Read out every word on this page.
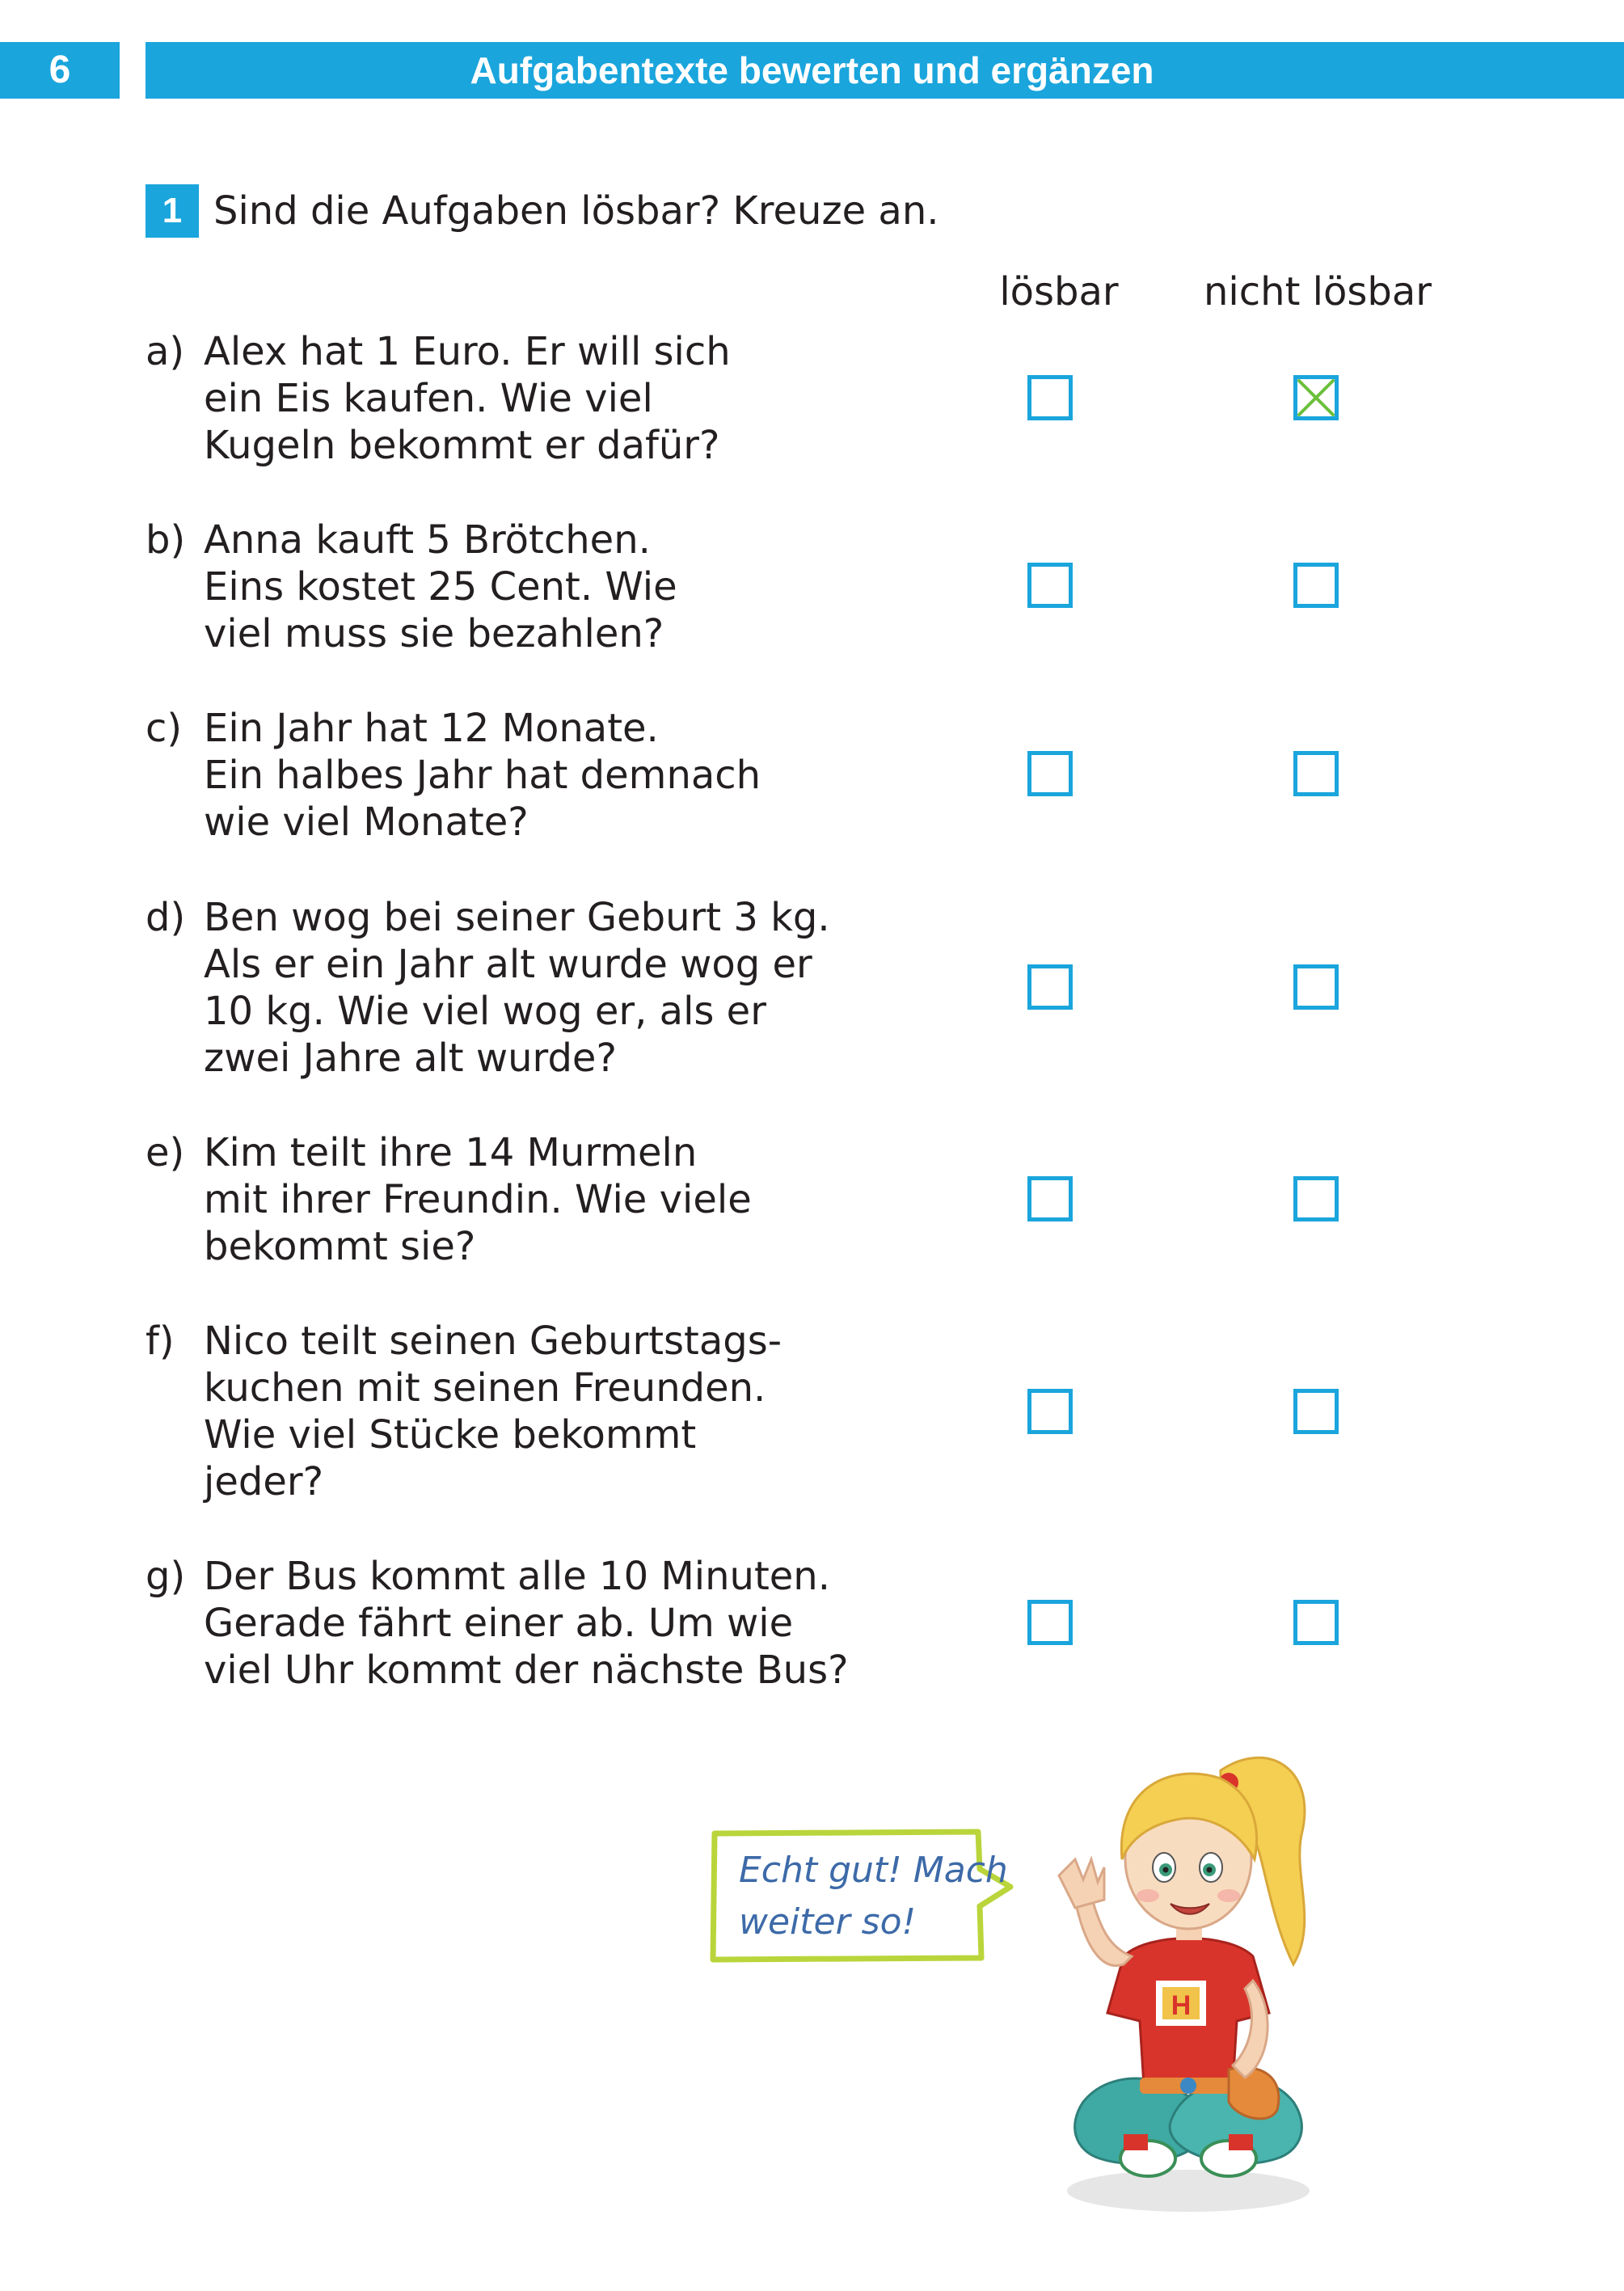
6	Aufgabentexte bewerten und ergänzen
1 Sind die Aufgaben lösbar? Kreuze an.
lösbar	nicht lösbar
a) Alex hat 1 Euro. Er will sich
ein Eis kaufen. Wie viel
Kugeln bekommt er dafür?
b) Anna kauft 5 Brötchen.
Eins kostet 25 Cent. Wie
viel muss sie bezahlen?
c) Ein Jahr hat 12 Monate.
Ein halbes Jahr hat demnach
wie viel Monate?
d) Ben wog bei seiner Geburt 3 kg.
Als er ein Jahr alt wurde wog er
10 kg. Wie viel wog er, als er
zwei Jahre alt wurde?
e) Kim teilt ihre 14 Murmeln
mit ihrer Freundin. Wie viele
bekommt sie?
f) Nico teilt seinen Geburtstags-
kuchen mit seinen Freunden.
Wie viel Stücke bekommt
jeder?
g) Der Bus kommt alle 10 Minuten.
Gerade fährt einer ab. Um wie
viel Uhr kommt der nächste Bus?
Echt gut! Mach
weiter so!
H
